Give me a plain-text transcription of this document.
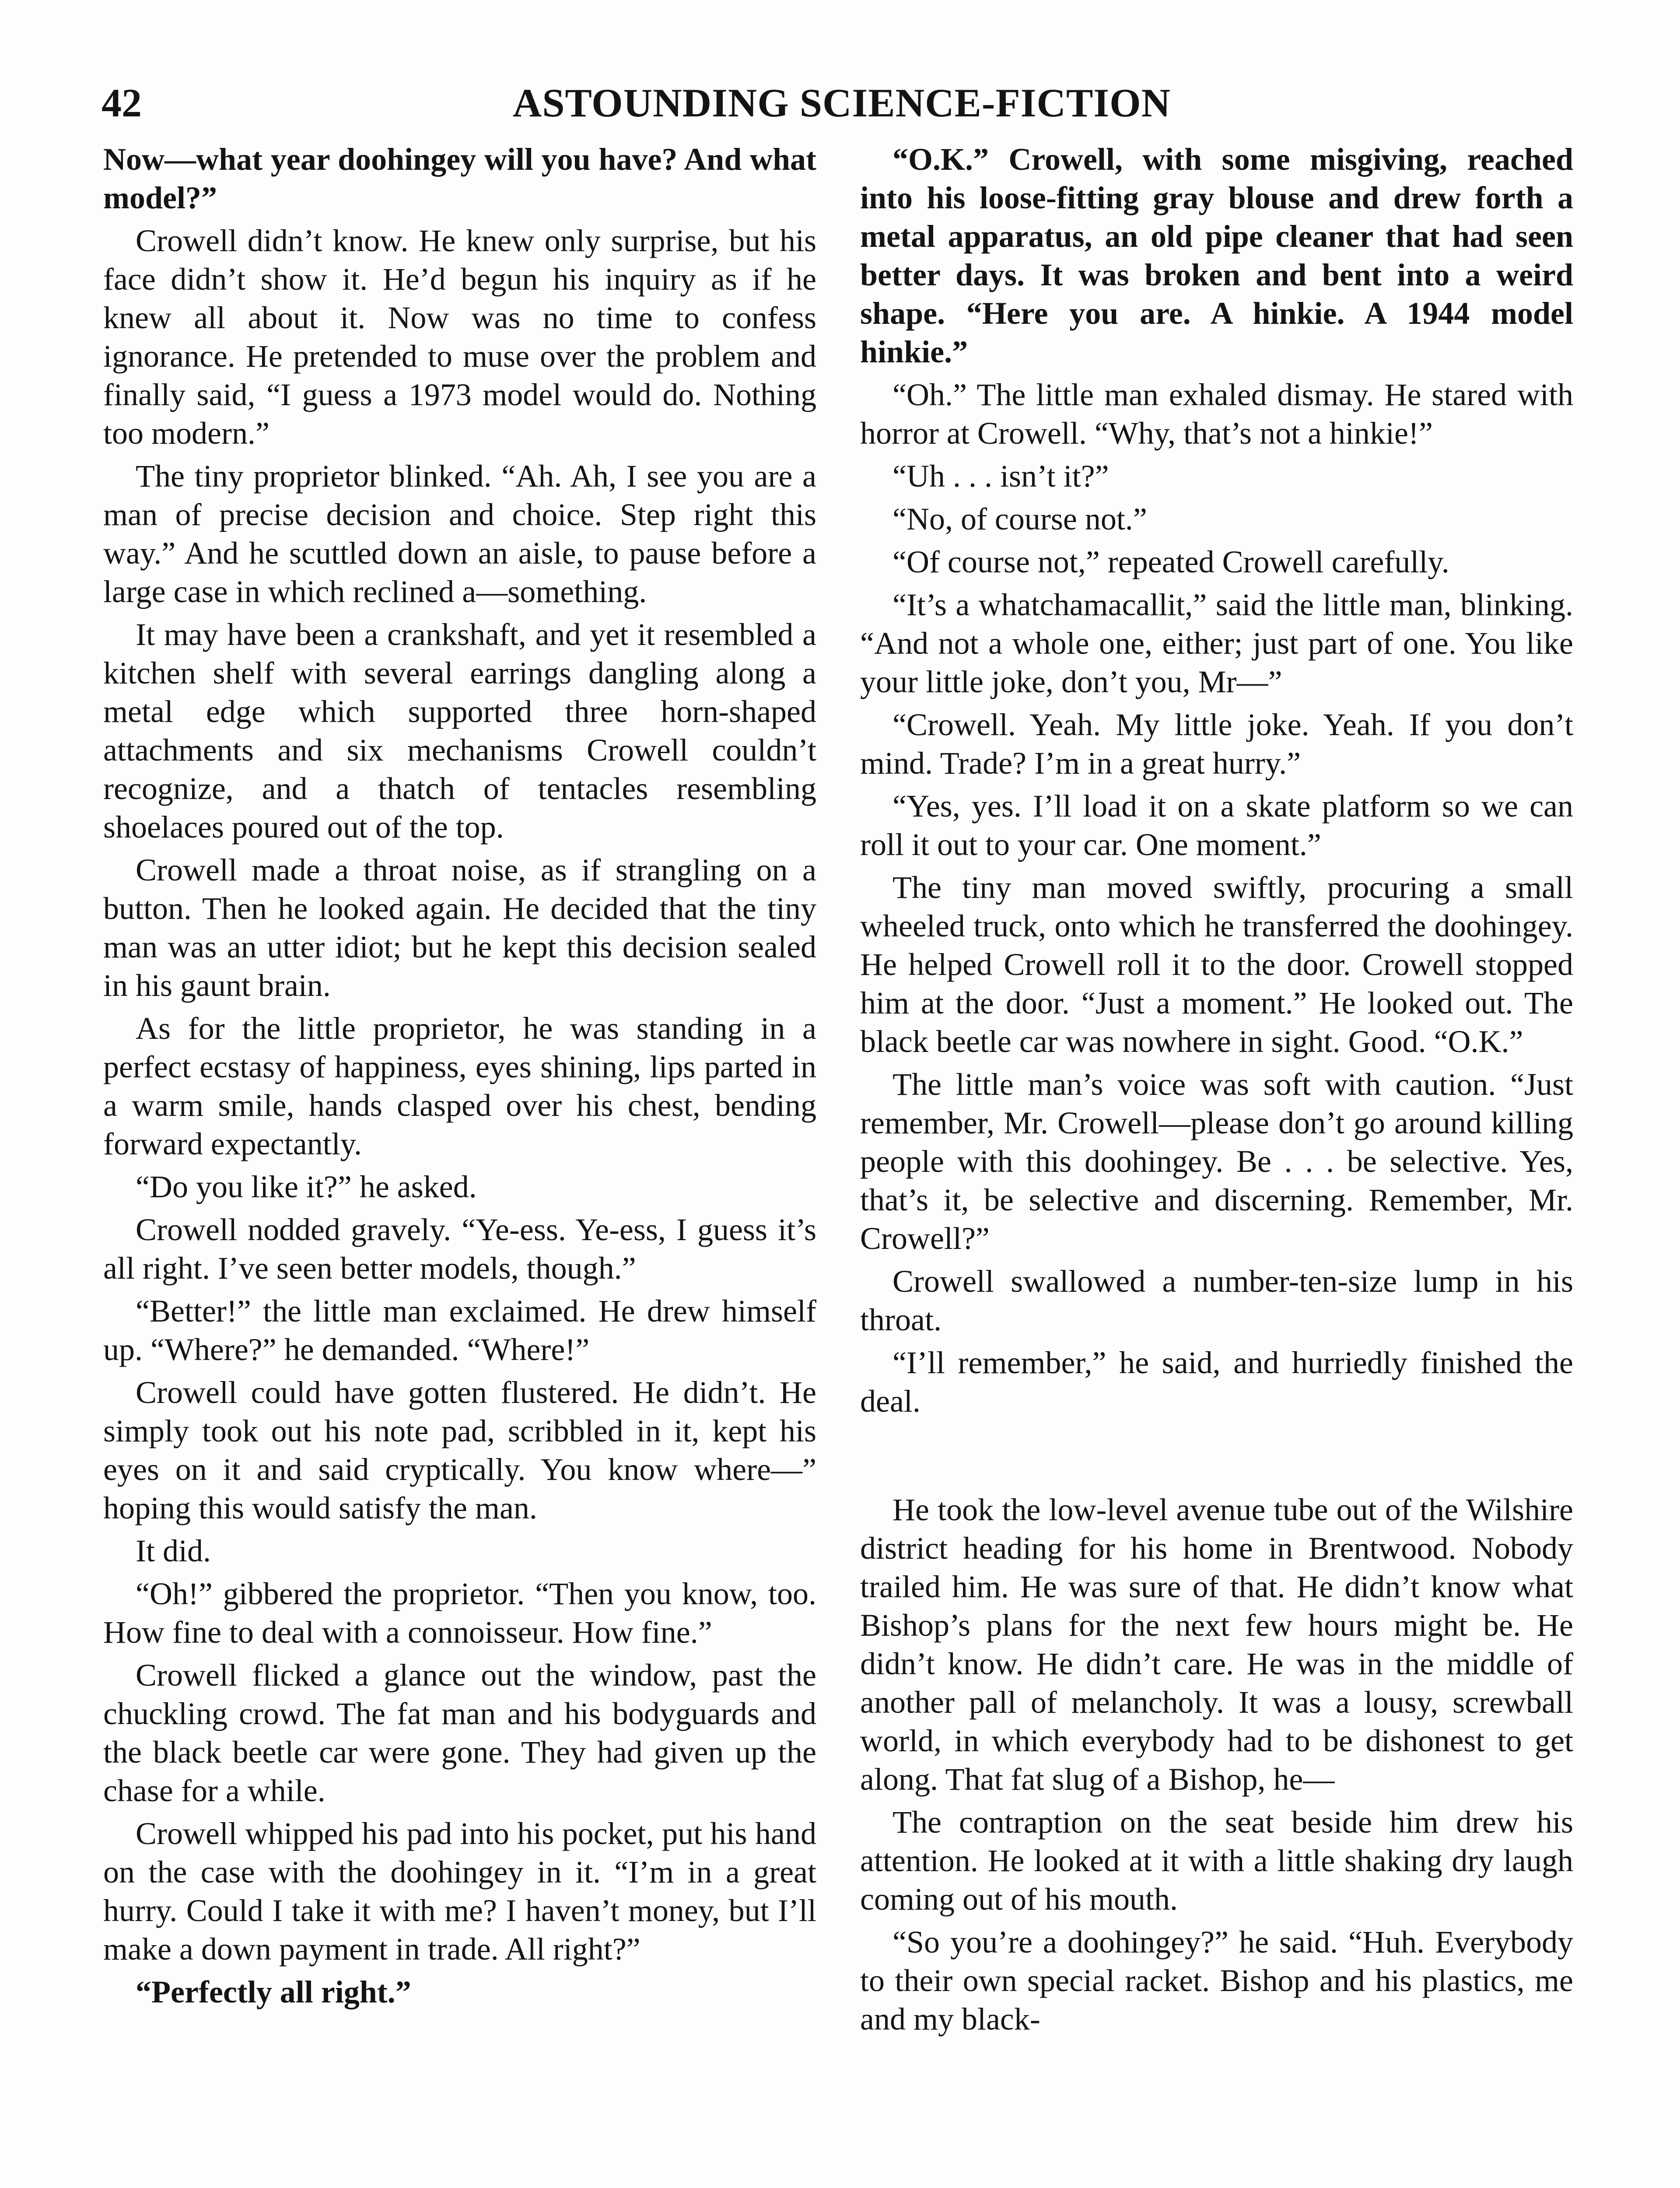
42	ASTOUNDING SCIENCE-FICTION

Now—what year doohingey will you have? And what model?”

Crowell didn’t know. He knew only surprise, but his face didn’t show it. He’d begun his inquiry as if he knew all about it. Now was no time to confess ignorance. He pretended to muse over the problem and finally said, “I guess a 1973 model would do. Nothing too modern.”

The tiny proprietor blinked. “Ah. Ah, I see you are a man of precise decision and choice. Step right this way.” And he scuttled down an aisle, to pause before a large case in which reclined a—something.

It may have been a crankshaft, and yet it resembled a kitchen shelf with several earrings dangling along a metal edge which supported three horn-shaped attachments and six mechanisms Crowell couldn’t recognize, and a thatch of tentacles resembling shoelaces poured out of the top.

Crowell made a throat noise, as if strangling on a button. Then he looked again. He decided that the tiny man was an utter idiot; but he kept this decision sealed in his gaunt brain.

As for the little proprietor, he was standing in a perfect ecstasy of happiness, eyes shining, lips parted in a warm smile, hands clasped over his chest, bending forward expectantly.

“Do you like it?” he asked.

Crowell nodded gravely. “Ye-ess. Ye-ess, I guess it’s all right. I’ve seen better models, though.”

“Better!” the little man exclaimed. He drew himself up. “Where?” he demanded. “Where!”

Crowell could have gotten flustered. He didn’t. He simply took out his note pad, scribbled in it, kept his eyes on it and said cryptically. You know where—” hoping this would satisfy the man.

It did.

“Oh!” gibbered the proprietor. “Then you know, too. How fine to deal with a connoisseur. How fine.”

Crowell flicked a glance out the window, past the chuckling crowd. The fat man and his bodyguards and the black beetle car were gone. They had given up the chase for a while.

Crowell whipped his pad into his pocket, put his hand on the case with the doohingey in it. “I’m in a great hurry. Could I take it with me? I haven’t money, but I’ll make a down payment in trade. All right?”

“Perfectly all right.”

“O.K.” Crowell, with some misgiving, reached into his loose-fitting gray blouse and drew forth a metal apparatus, an old pipe cleaner that had seen better days. It was broken and bent into a weird shape. “Here you are. A hinkie. A 1944 model hinkie.”

“Oh.” The little man exhaled dismay. He stared with horror at Crowell. “Why, that’s not a hinkie!”

“Uh . . . isn’t it?”

“No, of course not.”

“Of course not,” repeated Crowell carefully.

“It’s a whatchamacallit,” said the little man, blinking. “And not a whole one, either; just part of one. You like your little joke, don’t you, Mr—”

“Crowell. Yeah. My little joke. Yeah. If you don’t mind. Trade? I’m in a great hurry.”

“Yes, yes. I’ll load it on a skate platform so we can roll it out to your car. One moment.”

The tiny man moved swiftly, procuring a small wheeled truck, onto which he transferred the doohingey. He helped Crowell roll it to the door. Crowell stopped him at the door. “Just a moment.” He looked out. The black beetle car was nowhere in sight. Good. “O.K.”

The little man’s voice was soft with caution. “Just remember, Mr. Crowell—please don’t go around killing people with this doohingey. Be . . . be selective. Yes, that’s it, be selective and discerning. Remember, Mr. Crowell?”

Crowell swallowed a number-ten-size lump in his throat.

“I’ll remember,” he said, and hurriedly finished the deal.

He took the low-level avenue tube out of the Wilshire district heading for his home in Brentwood. Nobody trailed him. He was sure of that. He didn’t know what Bishop’s plans for the next few hours might be. He didn’t know. He didn’t care. He was in the middle of another pall of melancholy. It was a lousy, screwball world, in which everybody had to be dishonest to get along. That fat slug of a Bishop, he—

The contraption on the seat beside him drew his attention. He looked at it with a little shaking dry laugh coming out of his mouth.

“So you’re a doohingey?” he said. “Huh. Everybody to their own special racket. Bishop and his plastics, me and my black-
